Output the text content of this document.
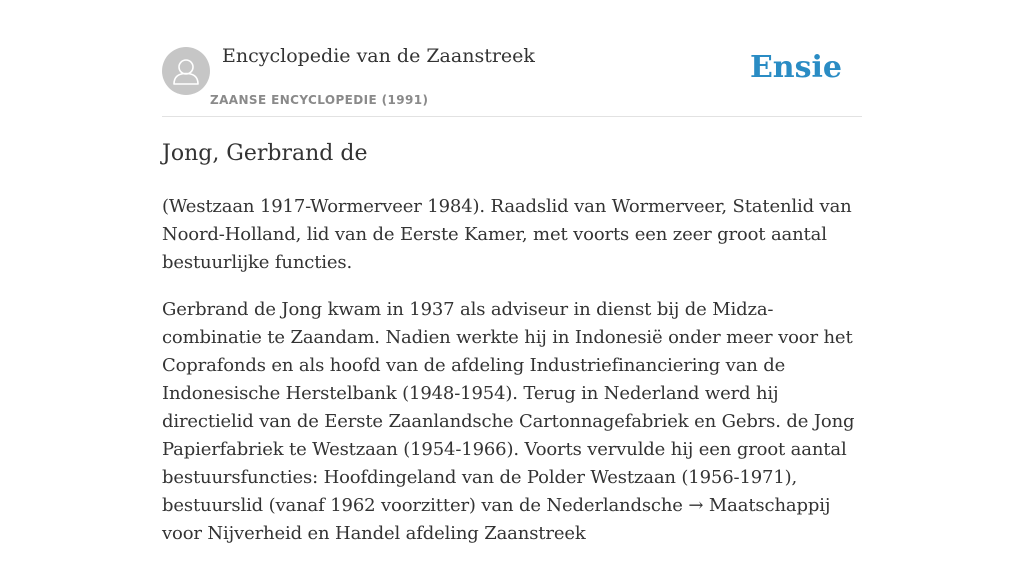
Encyclopedie van de Zaanstreek
ZAANSE ENCYCLOPEDIE (1991)
Ensie
Jong, Gerbrand de

(Westzaan 1917-Wormerveer 1984). Raadslid van Wormerveer, Statenlid van Noord-Holland, lid van de Eerste Kamer, met voorts een zeer groot aantal bestuurlijke functies.

Gerbrand de Jong kwam in 1937 als adviseur in dienst bij de Midza-combinatie te Zaandam. Nadien werkte hij in Indonesië onder meer voor het Coprafonds en als hoofd van de afdeling Industriefinanciering van de Indonesische Herstelbank (1948-1954). Terug in Nederland werd hij directielid van de Eerste Zaanlandsche Cartonnagefabriek en Gebrs. de Jong Papierfabriek te Westzaan (1954-1966). Voorts vervulde hij een groot aantal bestuursfuncties: Hoofdingeland van de Polder Westzaan (1956-1971), bestuurslid (vanaf 1962 voorzitter) van de Nederlandsche → Maatschappij voor Nijverheid en Handel afdeling Zaanstreek
